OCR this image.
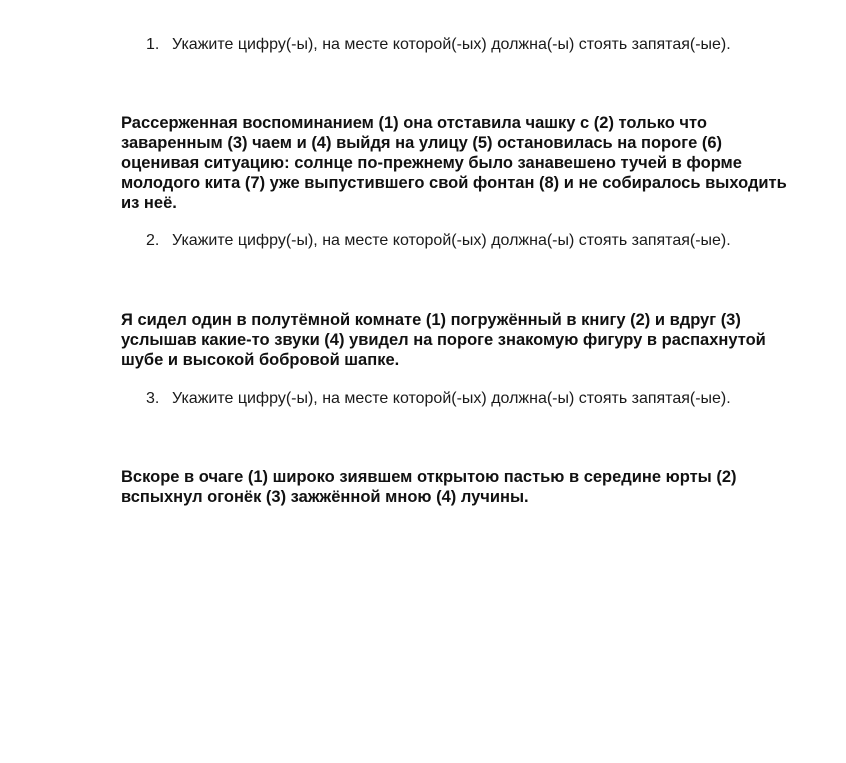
1. Укажите цифру(-ы), на месте которой(-ых) должна(-ы) стоять запятая(-ые).
Рассерженная воспоминанием (1) она отставила чашку с (2) только что заваренным (3) чаем и (4) выйдя на улицу (5) остановилась на пороге (6) оценивая ситуацию: солнце по-прежнему было занавешено тучей в форме молодого кита (7) уже выпустившего свой фонтан (8) и не собиралось выходить из неё.
2. Укажите цифру(-ы), на месте которой(-ых) должна(-ы) стоять запятая(-ые).
Я сидел один в полутёмной комнате (1) погружённый в книгу (2) и вдруг (3) услышав какие-то звуки (4) увидел на пороге знакомую фигуру в распахнутой шубе и высокой бобровой шапке.
3. Укажите цифру(-ы), на месте которой(-ых) должна(-ы) стоять запятая(-ые).
Вскоре в очаге (1) широко зиявшем открытою пастью в середине юрты (2) вспыхнул огонёк (3) зажжённой мною (4) лучины.
